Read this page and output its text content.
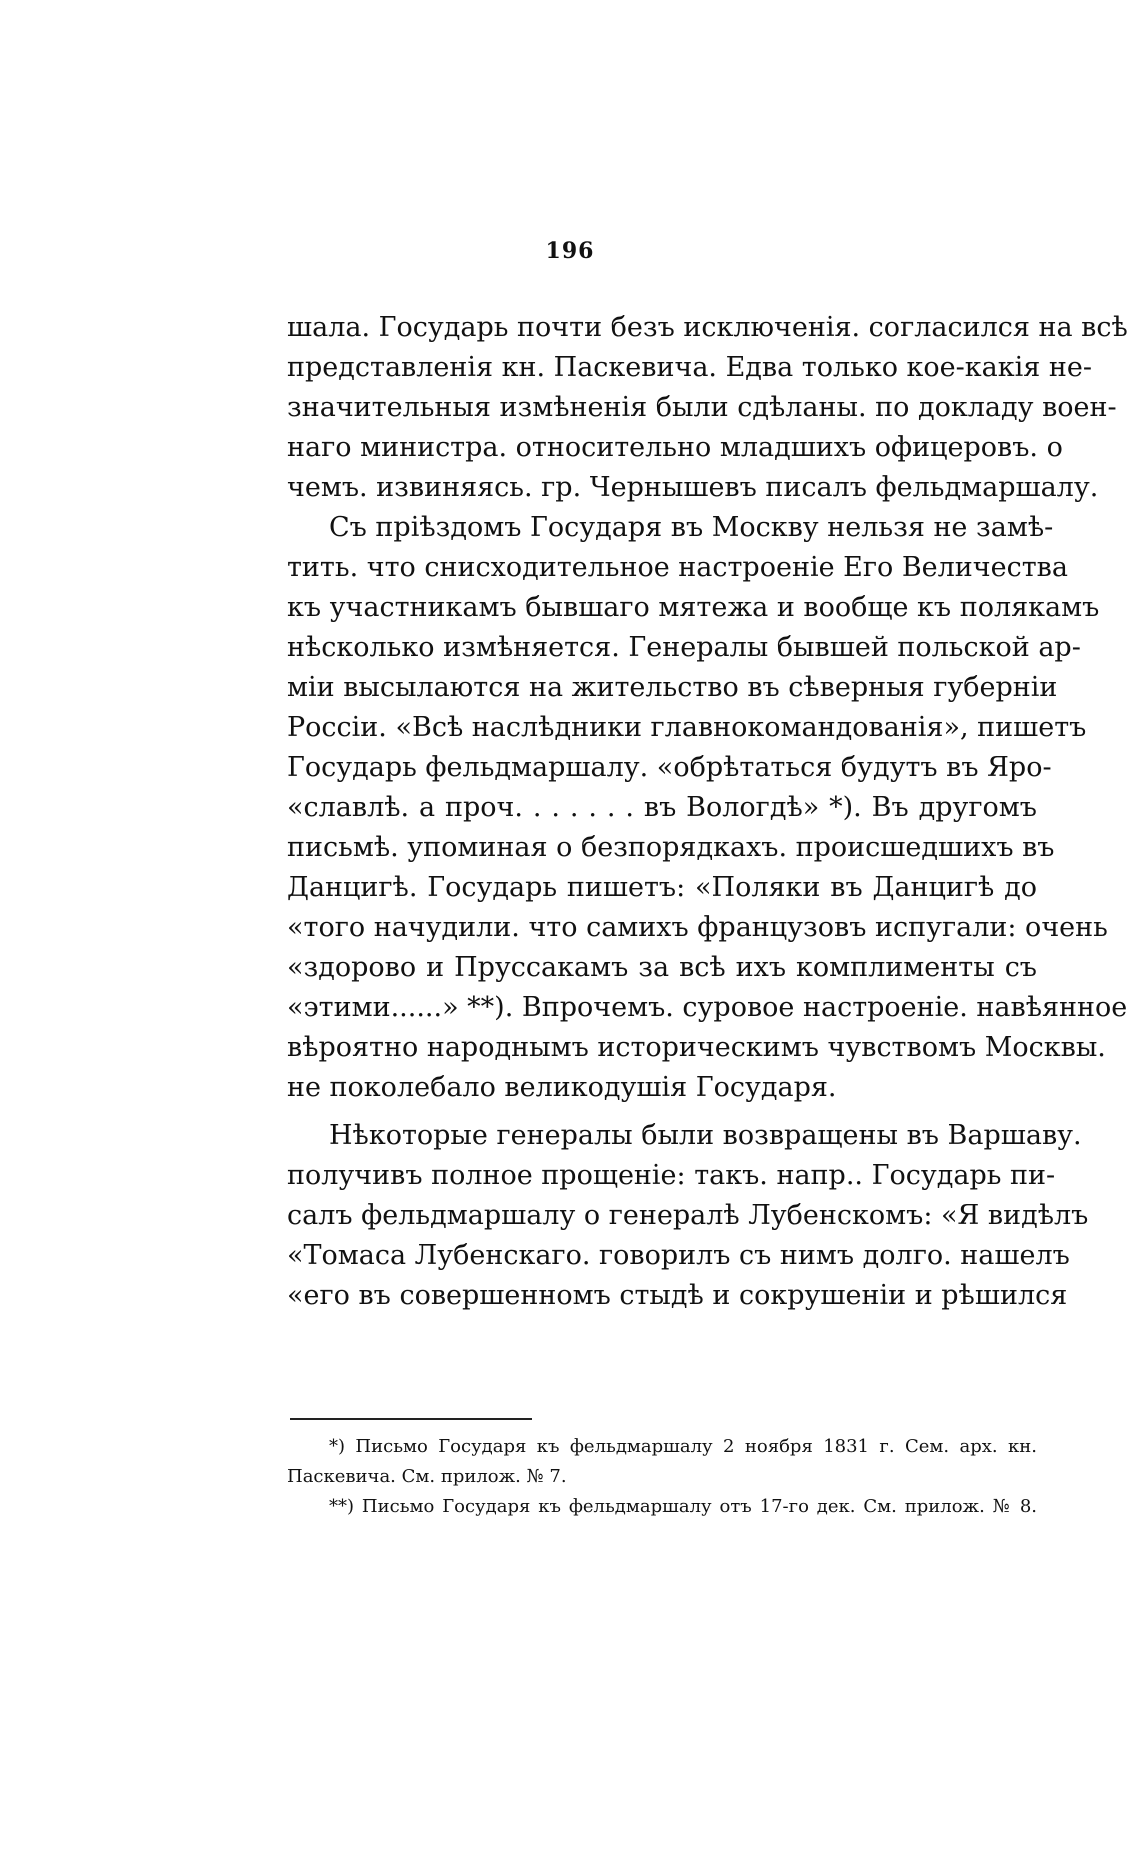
196
шала. Государь почти безъ исключенія. согласился на всѣ
представленія кн. Паскевича. Едва только кое-какія не-
значительныя измѣненія были сдѣланы. по докладу воен-
наго министра. относительно младшихъ офицеровъ. о
чемъ. извиняясь. гр. Чернышевъ писалъ фельдмаршалу.
Съ пріѣздомъ Государя въ Москву нельзя не замѣ-
тить. что снисходительное настроеніе Его Величества
къ участникамъ бывшаго мятежа и вообще къ полякамъ
нѣсколько измѣняется. Генералы бывшей польской ар-
міи высылаются на жительство въ сѣверныя губерніи
Россіи. «Всѣ наслѣдники главнокомандованія», пишетъ
Государь фельдмаршалу. «обрѣтаться будутъ въ Яро-
«славлѣ. а проч. . . . . . . въ Вологдѣ» *). Въ другомъ
письмѣ. упоминая о безпорядкахъ. происшедшихъ въ
Данцигѣ. Государь пишетъ: «Поляки въ Данцигѣ до
«того начудили. что самихъ французовъ испугали: очень
«здорово и Пруссакамъ за всѣ ихъ комплименты съ
«этими......» **). Впрочемъ. суровое настроеніе. навѣянное
вѣроятно народнымъ историческимъ чувствомъ Москвы.
не поколебало великодушія Государя.
Нѣкоторые генералы были возвращены въ Варшаву.
получивъ полное прощеніе: такъ. напр.. Государь пи-
салъ фельдмаршалу о генералѣ Лубенскомъ: «Я видѣлъ
«Томаса Лубенскаго. говорилъ съ нимъ долго. нашелъ
«его въ совершенномъ стыдѣ и сокрушеніи и рѣшился
*) Письмо Государя къ фельдмаршалу 2 ноября 1831 г. Сем. арх. кн.
Паскевича. См. прилож. № 7.
**) Письмо Государя къ фельдмаршалу отъ 17-го дек. См. прилож. № 8.
